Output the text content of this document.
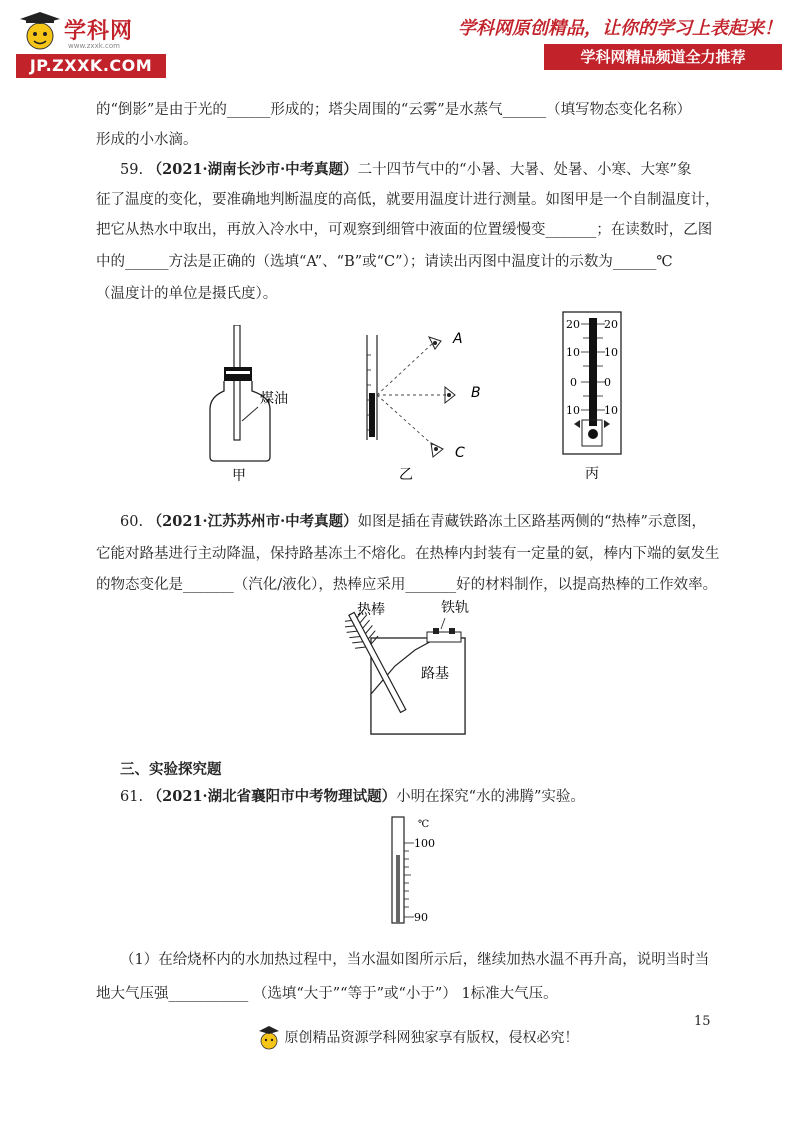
学科网
www.zxxk.com
JP.ZXXK.COM
学科网原创精品，让你的学习上表起来！
学科网精品频道全力推荐
的“倒影”是由于光的______形成的；塔尖周围的“云雾”是水蒸气______（填写物态变化名称）
形成的小水滴。
59. （2021·湖南长沙市·中考真题）二十四节气中的“小暑、大暑、处暑、小寒、大寒”象
征了温度的变化，要准确地判断温度的高低，就要用温度计进行测量。如图甲是一个自制温度计，
把它从热水中取出，再放入冷水中，可观察到细管中液面的位置缓慢变_______；在读数时，乙图
中的______方法是正确的（选填“A”、“B”或“C”）；请读出丙图中温度计的示数为______℃
（温度计的单位是摄氏度）。
煤油
甲
A
B
C
乙
20
10
0
10
20
10
0
10
丙
60. （2021·江苏苏州市·中考真题）如图是插在青藏铁路冻土区路基两侧的“热棒”示意图，
它能对路基进行主动降温，保持路基冻土不熔化。在热棒内封装有一定量的氨，棒内下端的氨发生
的物态变化是_______（汽化/液化），热棒应采用_______好的材料制作，以提高热棒的工作效率。
热棒	铁轨
路基
三、实验探究题
61. （2021·湖北省襄阳市中考物理试题）小明在探究“水的沸腾”实验。
℃
100
90
（1）在给烧杯内的水加热过程中，当水温如图所示后，继续加热水温不再升高，说明当时当
地大气压强___________ （选填“大于”“等于”或“小于”） 1标准大气压。
15
原创精品资源学科网独家享有版权，侵权必究！
